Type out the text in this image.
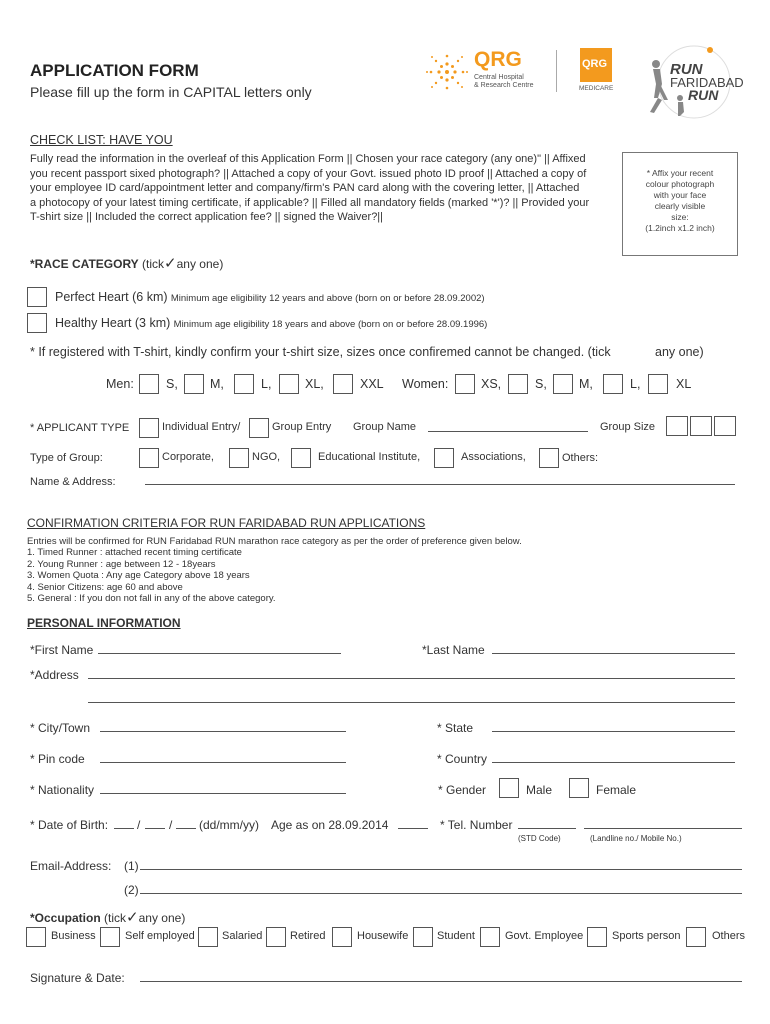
APPLICATION FORM
Please fill up the form in CAPITAL letters only
QRG
Central Hospital
& Research Centre
QRG
MEDICARE
RUN
FARIDABAD
RUN
CHECK LIST: HAVE YOU
Fully read the information in the overleaf of this Application Form || Chosen your race category (any one)" || Affixed
you recent passport sixed photograph? || Attached a copy of your Govt. issued photo ID proof || Attached a copy of
your employee ID card/appointment letter and company/firm's PAN card along with the covering letter, || Attached
a photocopy of your latest timing certificate, if applicable? || Filled all mandatory fields (marked '*')? || Provided your
T-shirt size || Included the correct application fee? || signed the Waiver?||
* Affix your recent
colour photograph
with your face
clearly visible
size:
(1.2inch x1.2 inch)
*RACE CATEGORY (tick✓any one)
Perfect Heart (6 km) Minimum age eligibility 12 years and above (born on or before 28.09.2002)
Healthy Heart (3 km) Minimum age eligibility 18 years and above (born on or before 28.09.1996)
* If registered with T-shirt, kindly confirm your t-shirt size, sizes once confiremed cannot be changed. (tick	any one)
Men:	S,	M,	L,	XL,	XXL Women:	XS,	S,	M,	L,	XL
* APPLICANT TYPE	Individual Entry/	Group Entry Group Name	Group Size
Type of Group:	Corporate,	NGO,	Educational Institute,	Associations,	Others:
Name & Address:
CONFIRMATION CRITERIA FOR RUN FARIDABAD RUN APPLICATIONS
Entries will be confirmed for RUN Faridabad RUN marathon race category as per the order of preference given below.
1. Timed Runner : attached recent timing certificate
2. Young Runner : age between 12 - 18years
3. Women Quota : Any age Category above 18 years
4. Senior Citizens: age 60 and above
5. General : If you don not fall in any of the above category.
PERSONAL INFORMATION
*First Name	*Last Name
*Address
* City/Town	* State
* Pin code	* Country
* Nationality	* Gender	Male	Female
* Date of Birth: / / (dd/mm/yy) Age as on 28.09.2014	* Tel. Number
(STD Code)	(Landline no./ Mobile No.)
Email-Address: (1)
(2)
*Occupation (tick✓any one)
Business	Self employed Salaried	Retired	Housewife	Student	Govt. Employee	Sports person	Others
Signature & Date:
